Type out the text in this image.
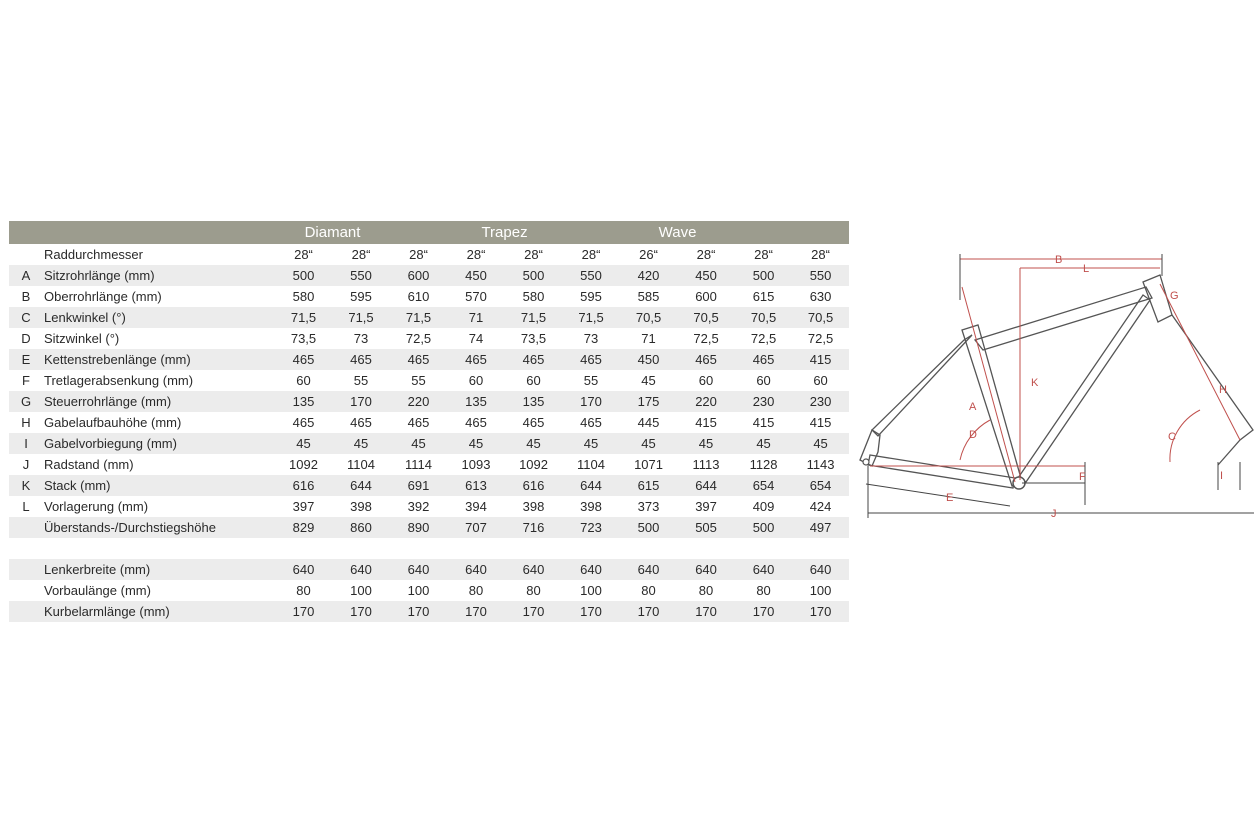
		Diamant			Trapez			Wave			
	Raddurchmesser	28“	28“	28“	28“	28“	28“	26“	28“	28“	28“
A	Sitzrohrlänge (mm)	500	550	600	450	500	550	420	450	500	550
B	Oberrohrlänge (mm)	580	595	610	570	580	595	585	600	615	630
C	Lenkwinkel (°)	71,5	71,5	71,5	71	71,5	71,5	70,5	70,5	70,5	70,5
D	Sitzwinkel (°)	73,5	73	72,5	74	73,5	73	71	72,5	72,5	72,5
E	Kettenstrebenlänge (mm)	465	465	465	465	465	465	450	465	465	415
F	Tretlagerabsenkung (mm)	60	55	55	60	60	55	45	60	60	60
G	Steuerrohrlänge (mm)	135	170	220	135	135	170	175	220	230	230
H	Gabelaufbauhöhe (mm)	465	465	465	465	465	465	445	415	415	415
I	Gabelvorbiegung (mm)	45	45	45	45	45	45	45	45	45	45
J	Radstand (mm)	1092	1104	1114	1093	1092	1104	1071	1113	1128	1143
K	Stack (mm)	616	644	691	613	616	644	615	644	654	654
L	Vorlagerung (mm)	397	398	392	394	398	398	373	397	409	424
	Überstands-/Durchstiegshöhe	829	860	890	707	716	723	500	505	500	497

	Lenkerbreite (mm)	640	640	640	640	640	640	640	640	640	640
	Vorbaulänge (mm)	80	100	100	80	80	100	80	80	80	100
	Kurbelarmlänge (mm)	170	170	170	170	170	170	170	170	170	170
B
L
G
H
K
A
D	C
F	I
E
J
